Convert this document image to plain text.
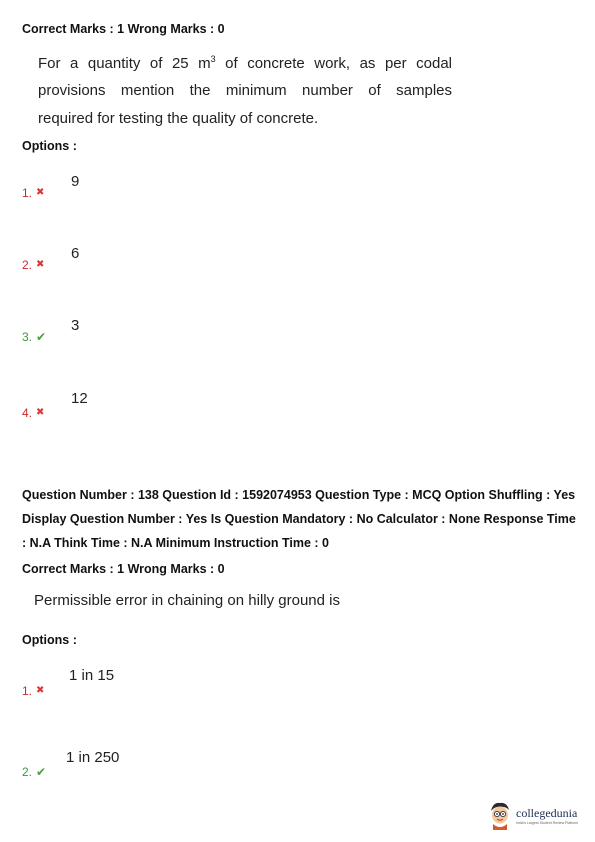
Correct Marks : 1 Wrong Marks : 0
For a quantity of 25 $m^3$ of concrete work, as per codal
provisions mention the minimum number of samples
required for testing the quality of concrete.
Options :
9
1. ✖
6
2. ✖
3
3. ✔
12
4. ✖
Question Number : 138 Question Id : 1592074953 Question Type : MCQ Option Shuffling : Yes
Display Question Number : Yes Is Question Mandatory : No Calculator : None Response Time
: N.A Think Time : N.A Minimum Instruction Time : 0
Correct Marks : 1 Wrong Marks : 0
Permissible error in chaining on hilly ground is
Options :
1 in 15
1. ✖
1 in 250
2. ✔
collegedunia
India's Largest Student Review Platform
